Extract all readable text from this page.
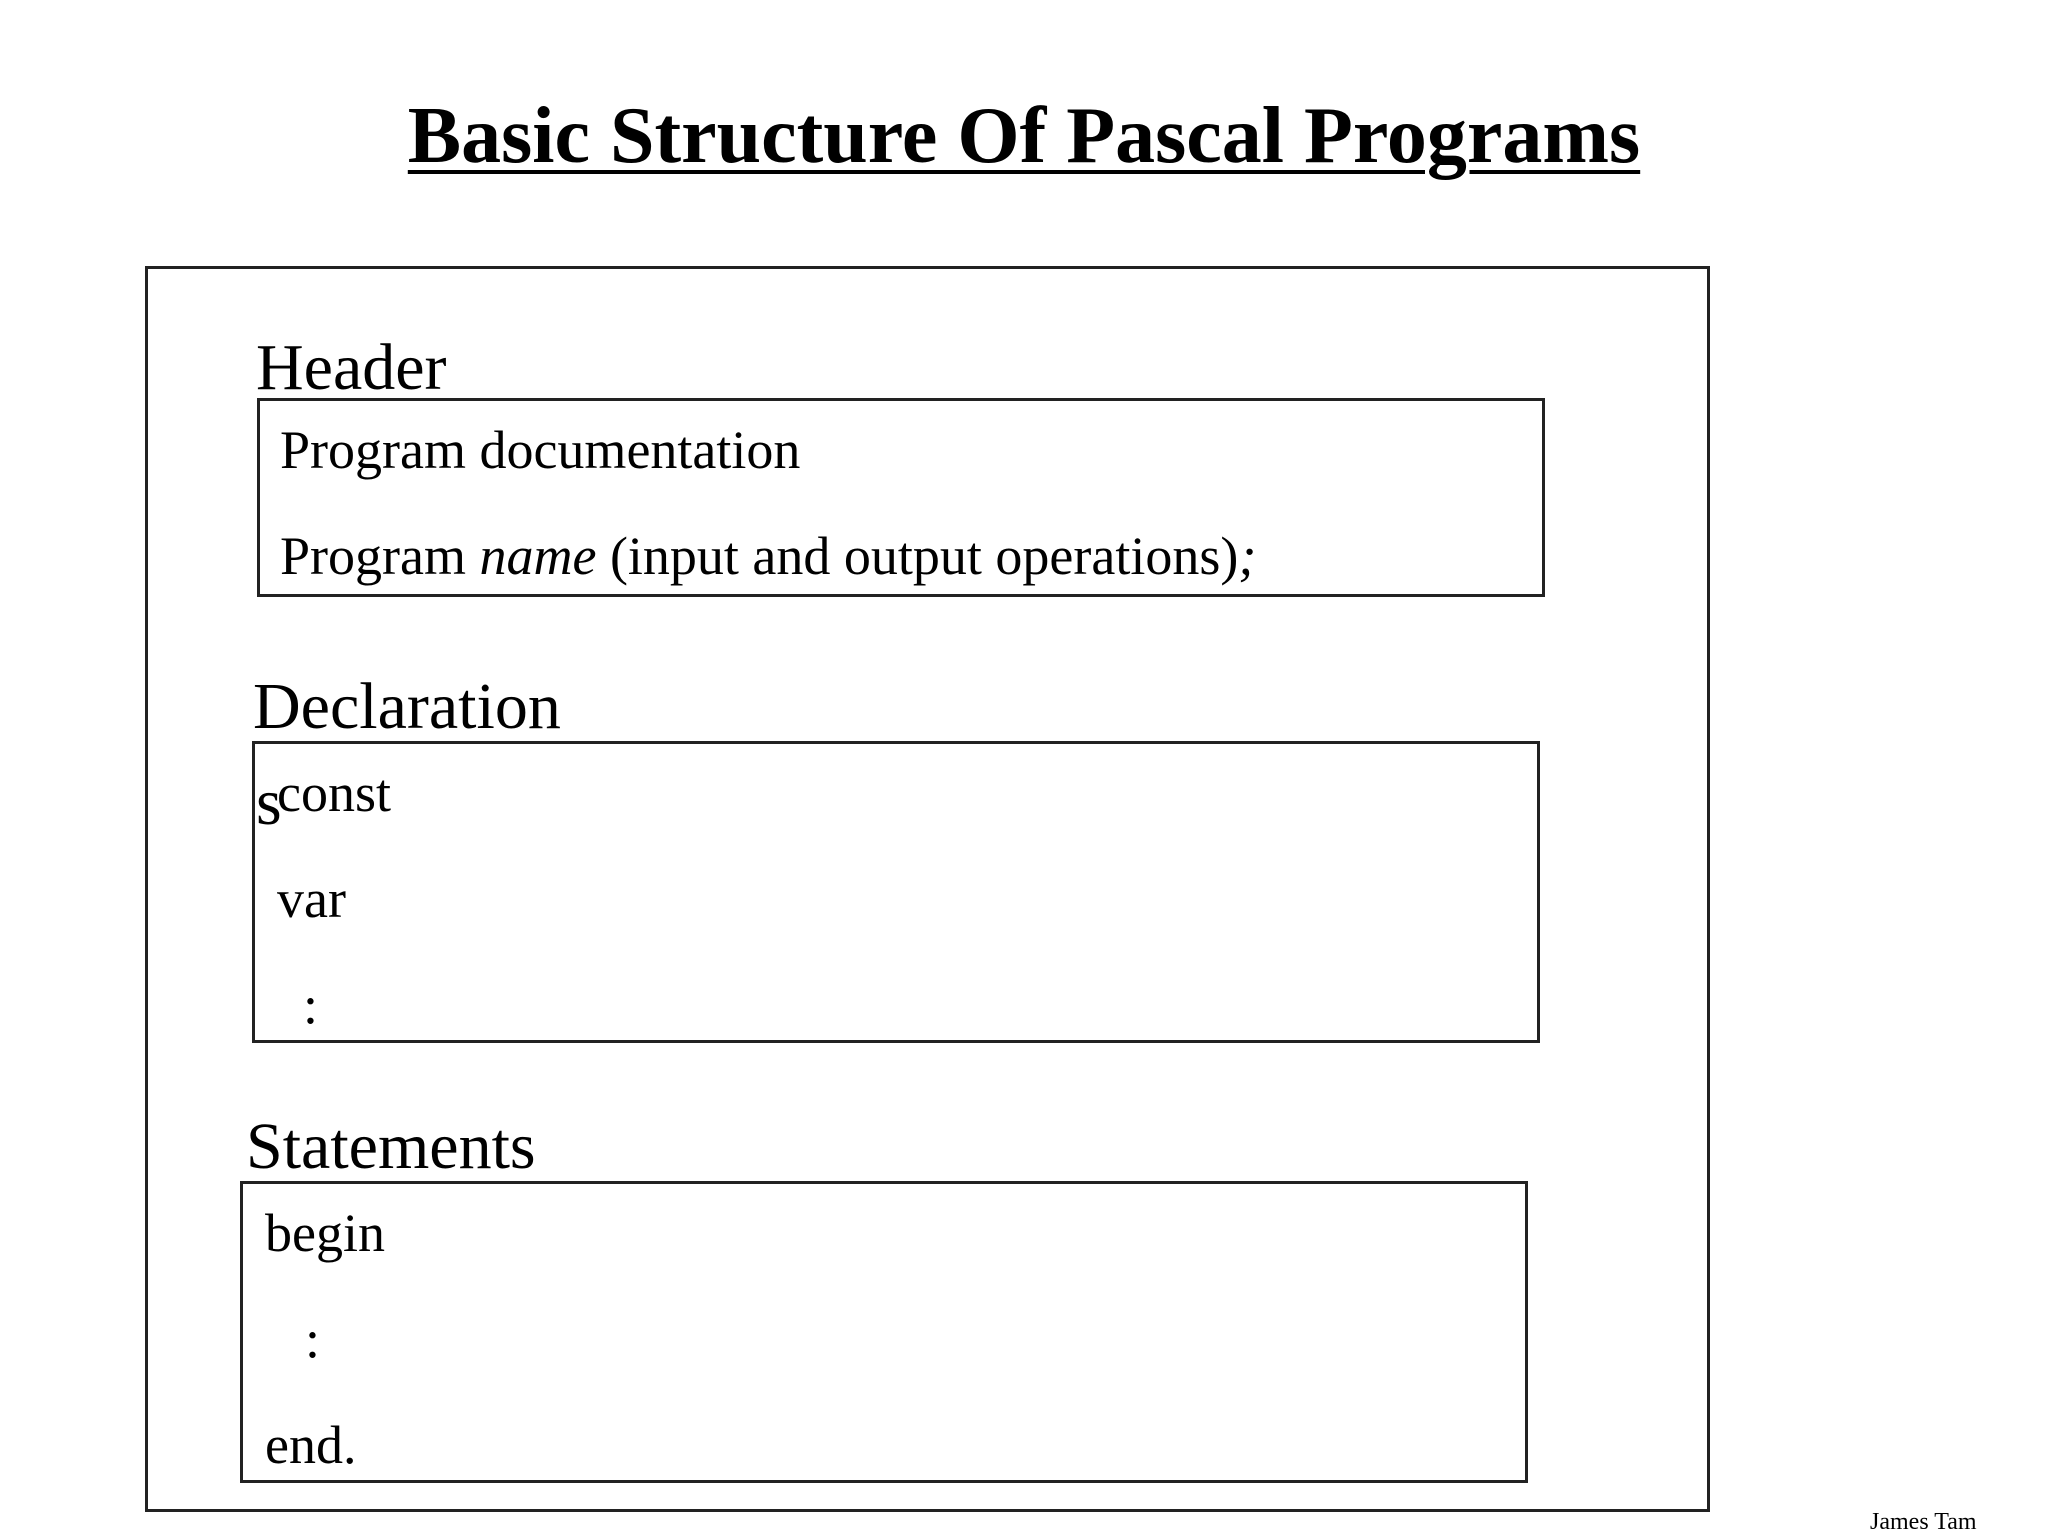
Basic Structure Of Pascal Programs
Header
Program documentation
Program name (input and output operations);
Declaration
s
const
var
:
Statements
begin
:
end.
James Tam
